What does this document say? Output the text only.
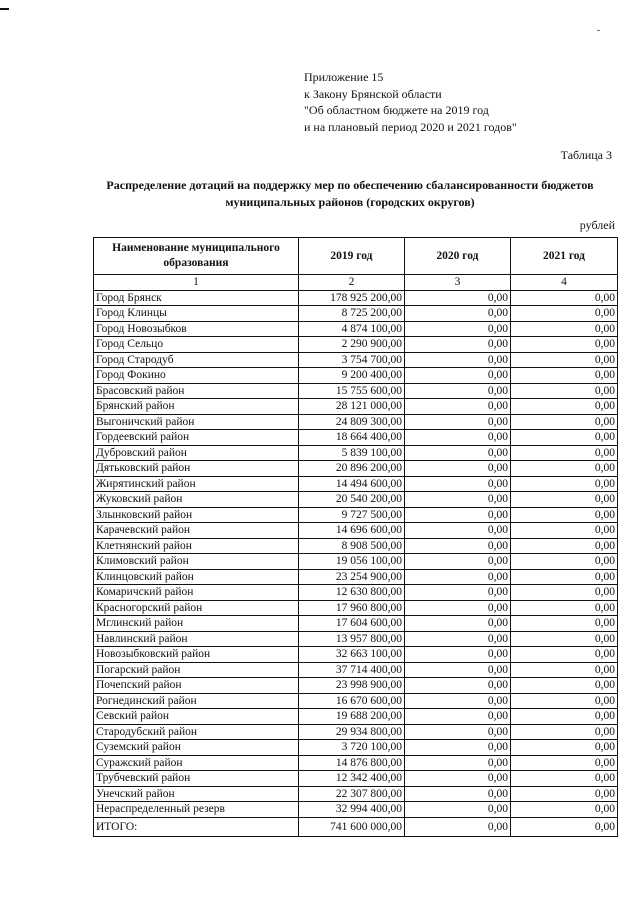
Приложение 15
к Закону Брянской области
"Об областном бюджете на 2019 год
и на плановый период 2020 и 2021 годов"
Таблица 3
Распределение дотаций на поддержку мер по обеспечению сбалансированности бюджетов
муниципальных районов (городских округов)
рублей
Наименование муниципального образования	2019 год	2020 год	2021 год
1	2	3	4
Город Брянск	178 925 200,00	0,00	0,00
Город Клинцы	8 725 200,00	0,00	0,00
Город Новозыбков	4 874 100,00	0,00	0,00
Город Сельцо	2 290 900,00	0,00	0,00
Город Стародуб	3 754 700,00	0,00	0,00
Город Фокино	9 200 400,00	0,00	0,00
Брасовский район	15 755 600,00	0,00	0,00
Брянский район	28 121 000,00	0,00	0,00
Выгоничский район	24 809 300,00	0,00	0,00
Гордеевский район	18 664 400,00	0,00	0,00
Дубровский район	5 839 100,00	0,00	0,00
Дятьковский район	20 896 200,00	0,00	0,00
Жирятинский район	14 494 600,00	0,00	0,00
Жуковский район	20 540 200,00	0,00	0,00
Злынковский район	9 727 500,00	0,00	0,00
Карачевский район	14 696 600,00	0,00	0,00
Клетнянский район	8 908 500,00	0,00	0,00
Климовский район	19 056 100,00	0,00	0,00
Клинцовский район	23 254 900,00	0,00	0,00
Комаричский район	12 630 800,00	0,00	0,00
Красногорский район	17 960 800,00	0,00	0,00
Мглинский район	17 604 600,00	0,00	0,00
Навлинский район	13 957 800,00	0,00	0,00
Новозыбковский район	32 663 100,00	0,00	0,00
Погарский район	37 714 400,00	0,00	0,00
Почепский район	23 998 900,00	0,00	0,00
Рогнединский район	16 670 600,00	0,00	0,00
Севский район	19 688 200,00	0,00	0,00
Стародубский район	29 934 800,00	0,00	0,00
Суземский район	3 720 100,00	0,00	0,00
Суражский район	14 876 800,00	0,00	0,00
Трубчевский район	12 342 400,00	0,00	0,00
Унечский район	22 307 800,00	0,00	0,00
Нераспределенный резерв	32 994 400,00	0,00	0,00
ИТОГО:	741 600 000,00	0,00	0,00
